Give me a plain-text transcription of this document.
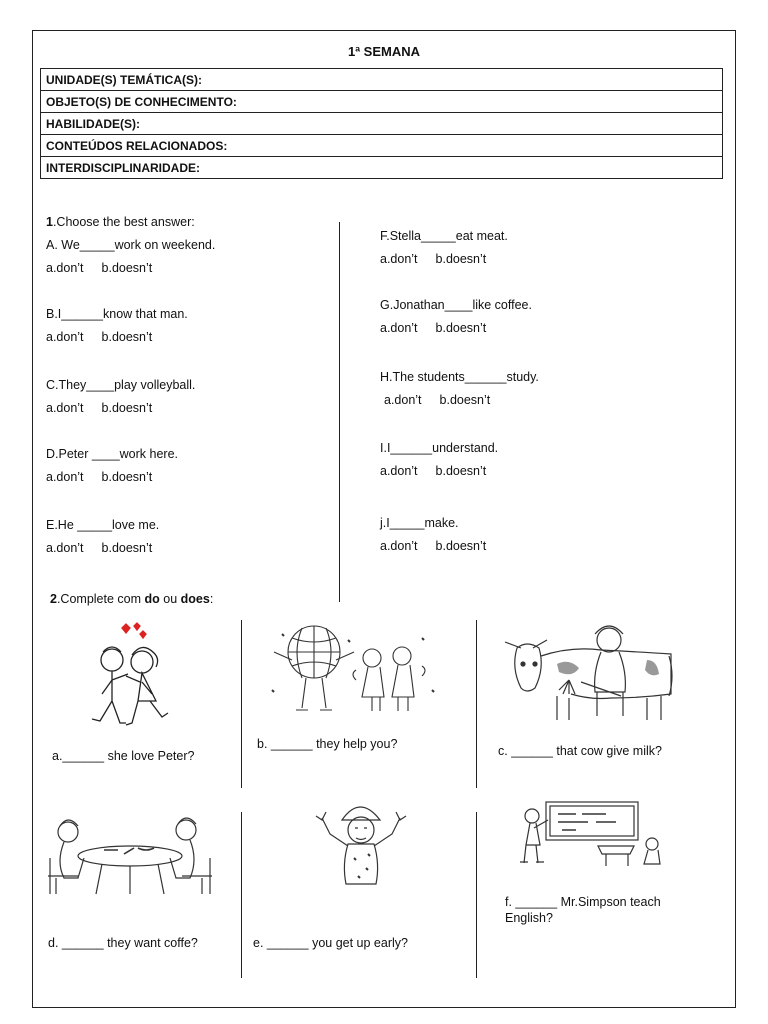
1ª SEMANA
UNIDADE(S) TEMÁTICA(S):
OBJETO(S) DE CONHECIMENTO:
HABILIDADE(S):
CONTEÚDOS RELACIONADOS:
INTERDISCIPLINARIDADE:
1.Choose the best answer:
A. We_____work on weekend.
a.don’t b.doesn’t
B.I______know that man.
a.don’t b.doesn’t
C.They____play volleyball.
a.don’t b.doesn’t
D.Peter ____work here.
a.don’t b.doesn’t
E.He _____love me.
a.don’t b.doesn’t
F.Stella_____eat meat.
a.don’t b.doesn’t
G.Jonathan____like coffee.
a.don’t b.doesn’t
H.The students______study.
a.don’t b.doesn’t
I.I______understand.
a.don’t b.doesn’t
j.I_____make.
a.don’t b.doesn’t
2.Complete com do ou does:
a.______ she love Peter?
b. ______ they help you?	c. ______ that cow give milk?
d. ______ they want coffe?	e. ______ you get up early?
f. ______ Mr.Simpson teach English?
